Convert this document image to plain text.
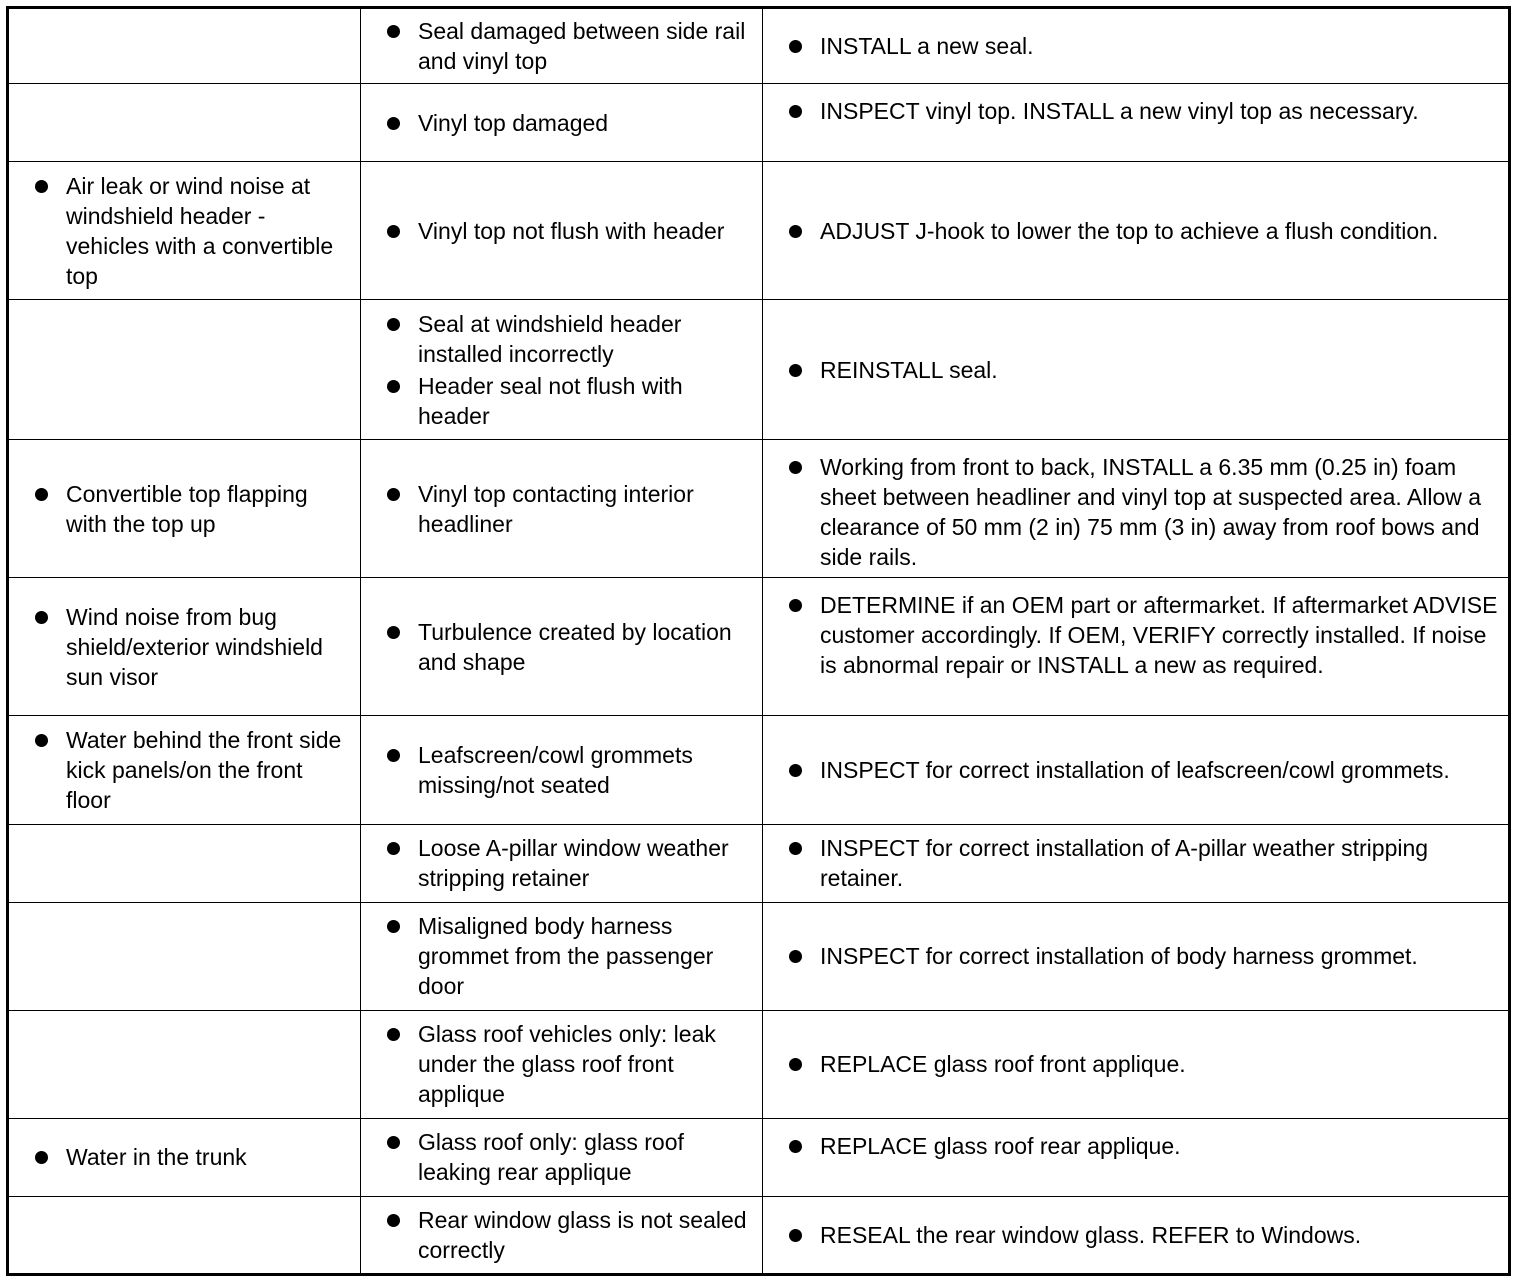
	Seal damaged between side rail and vinyl top	INSTALL a new seal.

	Vinyl top damaged	INSPECT vinyl top. INSTALL a new vinyl top as necessary.

Air leak or wind noise at windshield header - vehicles with a convertible top	Vinyl top not flush with header	ADJUST J-hook to lower the top to achieve a flush condition.

	Seal at windshield header installed incorrectly
Header seal not flush with header	REINSTALL seal.

Convertible top flapping with the top up	Vinyl top contacting interior headliner	Working from front to back, INSTALL a 6.35 mm (0.25 in) foam sheet between headliner and vinyl top at suspected area. Allow a clearance of 50 mm (2 in) 75 mm (3 in) away from roof bows and side rails.

Wind noise from bug shield/exterior windshield sun visor	Turbulence created by location and shape	DETERMINE if an OEM part or aftermarket. If aftermarket ADVISE customer accordingly. If OEM, VERIFY correctly installed. If noise is abnormal repair or INSTALL a new as required.

Water behind the front side kick panels/on the front floor	Leafscreen/cowl grommets missing/not seated	INSPECT for correct installation of leafscreen/cowl grommets.

	Loose A-pillar window weather stripping retainer	INSPECT for correct installation of A-pillar weather stripping retainer.

	Misaligned body harness grommet from the passenger door	INSPECT for correct installation of body harness grommet.

	Glass roof vehicles only: leak under the glass roof front applique	REPLACE glass roof front applique.

Water in the trunk	Glass roof only: glass roof leaking rear applique	REPLACE glass roof rear applique.

	Rear window glass is not sealed correctly	RESEAL the rear window glass. REFER to Windows.
